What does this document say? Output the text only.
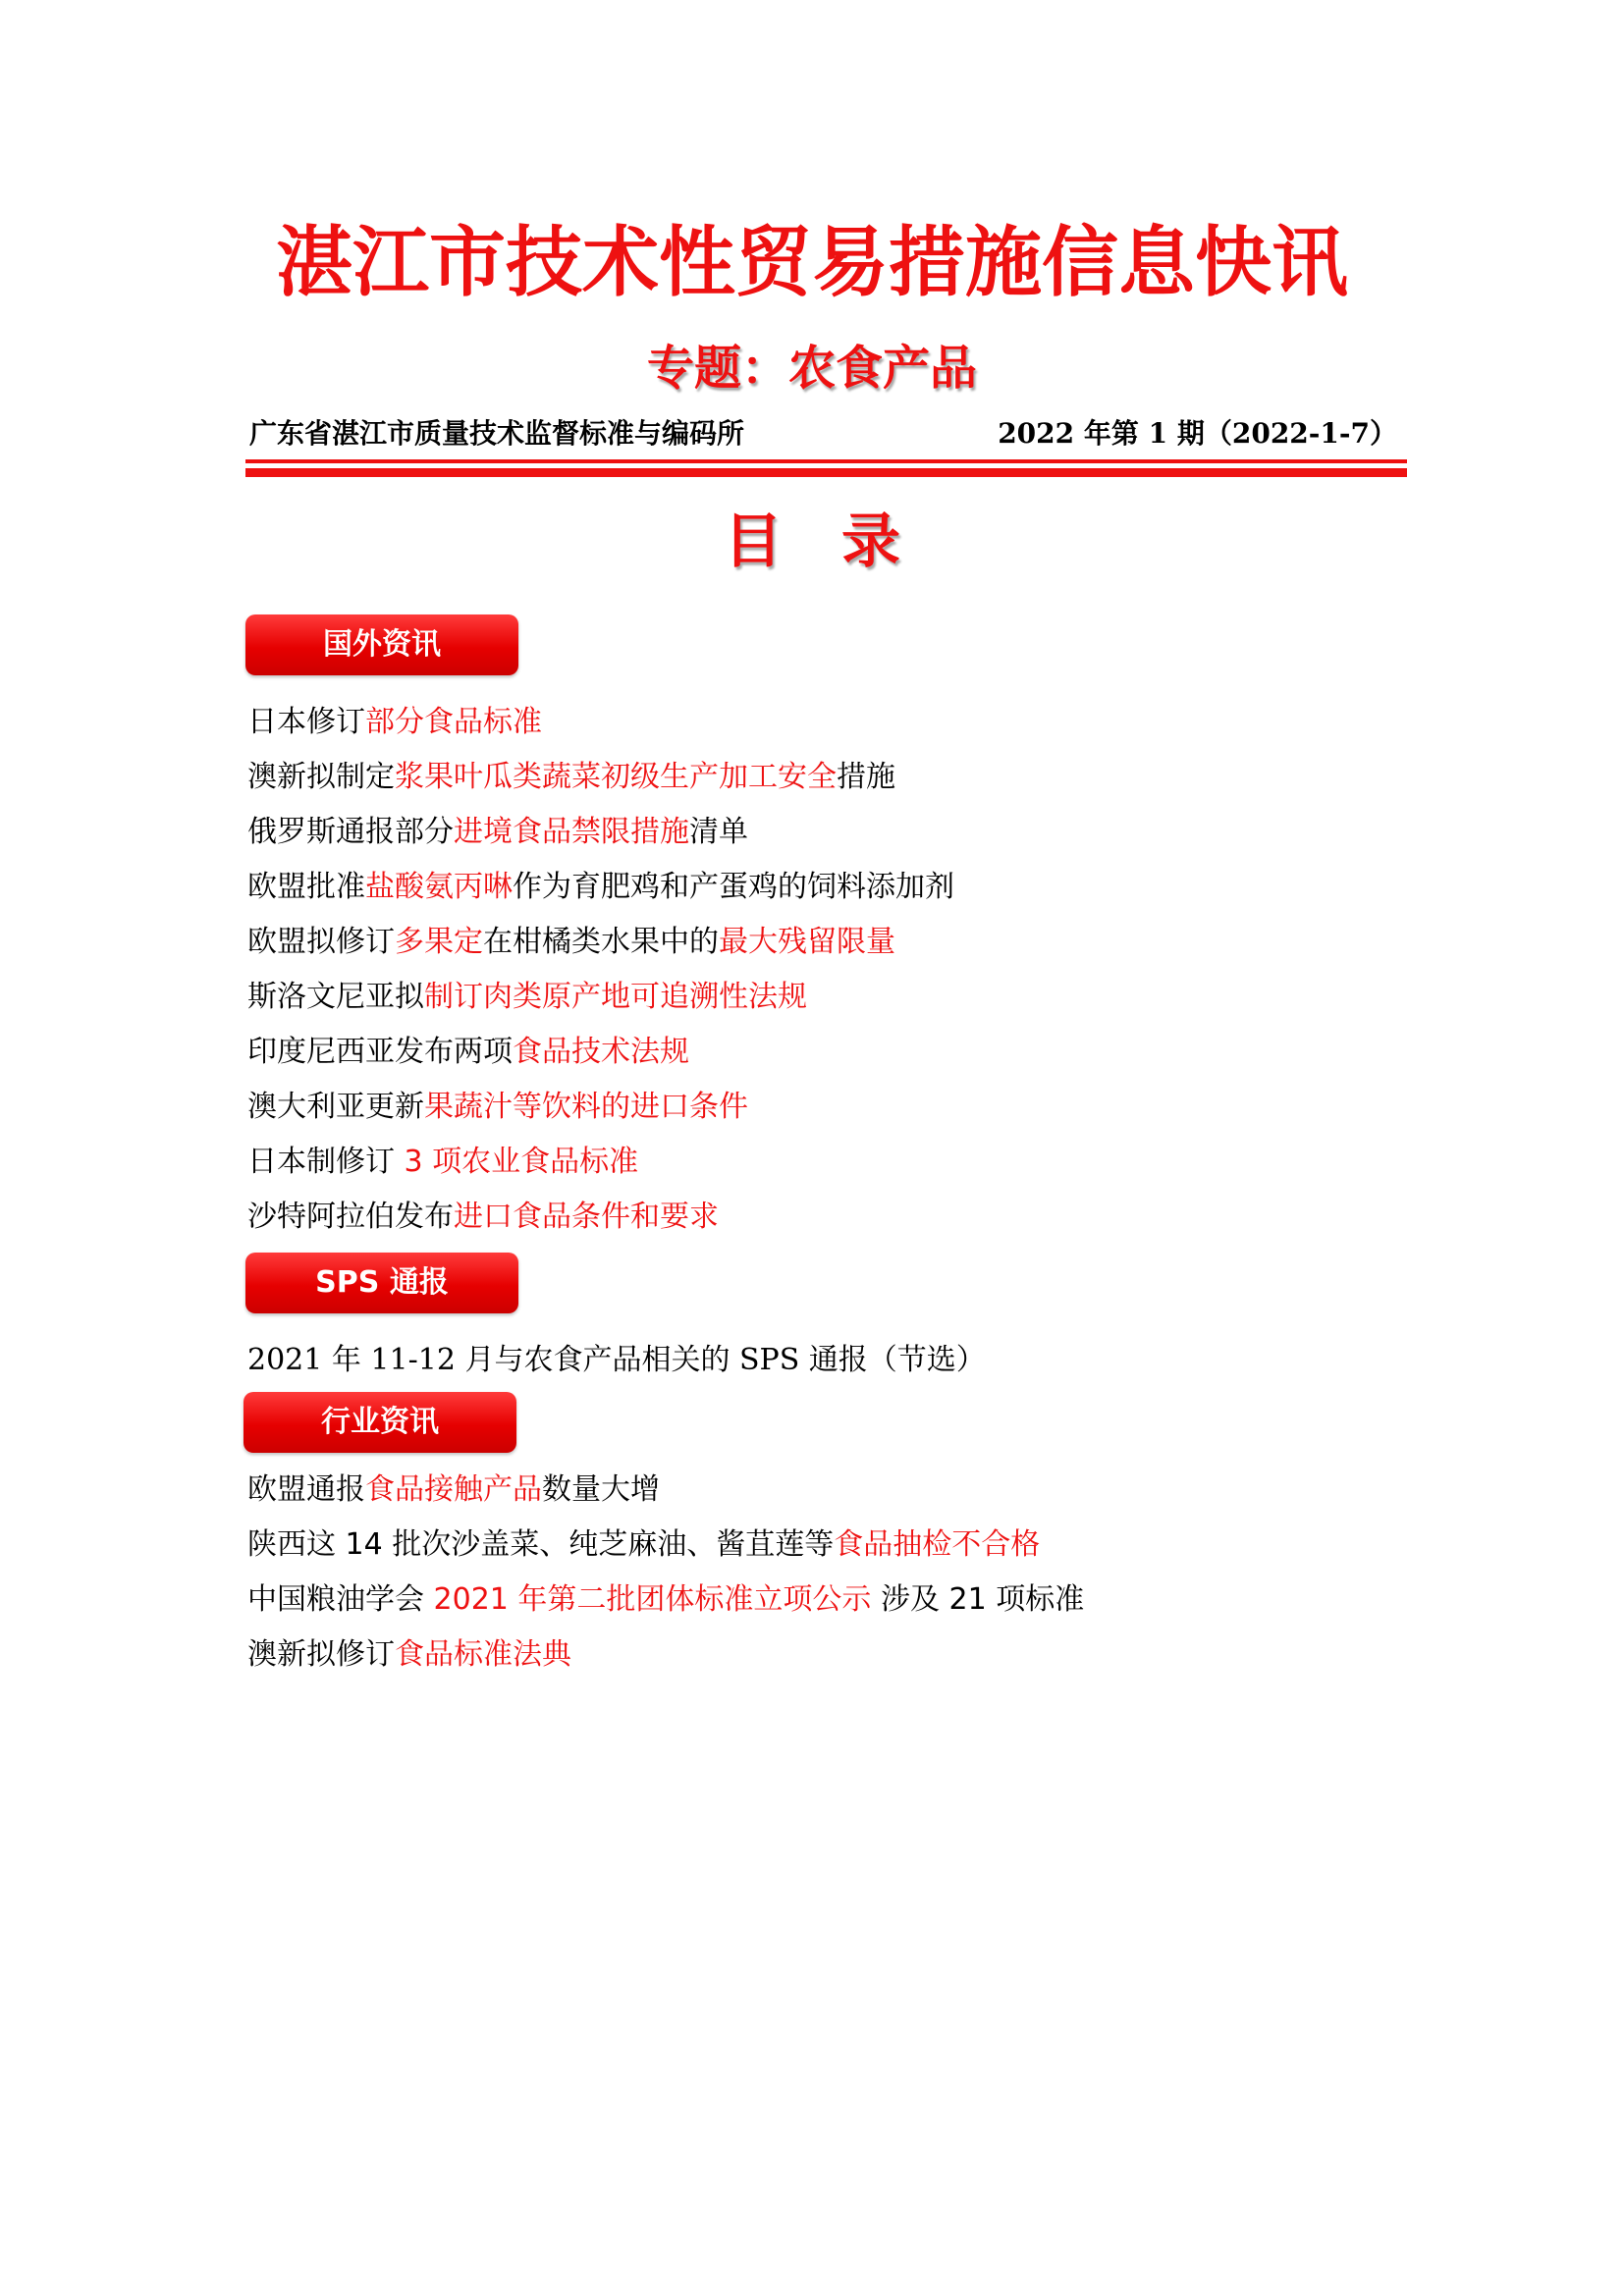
湛江市技术性贸易措施信息快讯
专题：农食产品
广东省湛江市质量技术监督标准与编码所	2022 年第 1 期（2022-1-7）
目录
国外资讯
日本修订部分食品标准
澳新拟制定浆果叶瓜类蔬菜初级生产加工安全措施
俄罗斯通报部分进境食品禁限措施清单
欧盟批准盐酸氨丙啉作为育肥鸡和产蛋鸡的饲料添加剂
欧盟拟修订多果定在柑橘类水果中的最大残留限量
斯洛文尼亚拟制订肉类原产地可追溯性法规
印度尼西亚发布两项食品技术法规
澳大利亚更新果蔬汁等饮料的进口条件
日本制修订 3 项农业食品标准
沙特阿拉伯发布进口食品条件和要求
SPS 通报
2021 年 11-12 月与农食产品相关的 SPS 通报（节选）
行业资讯
欧盟通报食品接触产品数量大增
陕西这 14 批次沙盖菜、纯芝麻油、酱苴莲等食品抽检不合格
中国粮油学会 2021 年第二批团体标准立项公示 涉及 21 项标准
澳新拟修订食品标准法典
